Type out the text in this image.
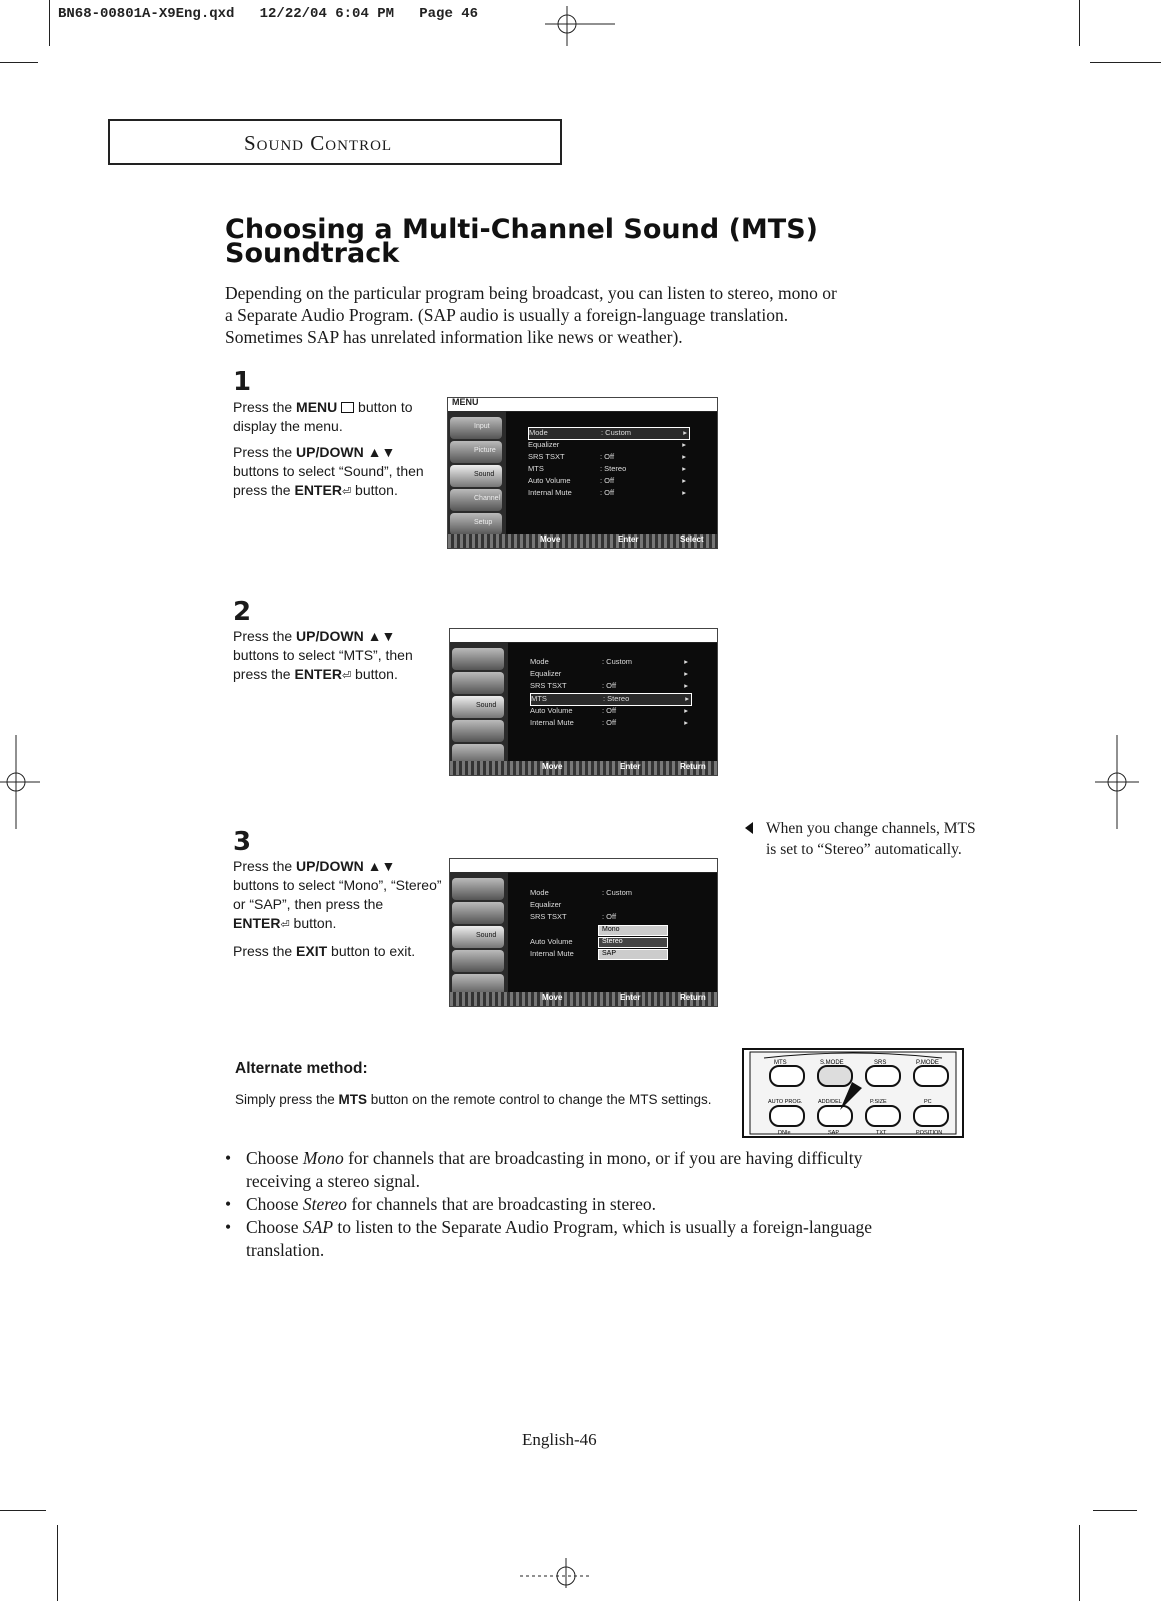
BN68-00801A-X9Eng.qxd   12/22/04 6:04 PM   Page 46
Sound Control
Choosing a Multi-Channel Sound (MTS)
Soundtrack

Depending on the particular program being broadcast, you can listen to stereo, mono or

a Separate Audio Program. (SAP audio is usually a foreign-language translation.

Sometimes SAP has unrelated information like news or weather).

1

Press the MENU  button to display the menu.

Press the UP/DOWN ▲▼ buttons to select “Sound”, then press the ENTER⏎ button.

MENU
Input
Picture
Sound
Channel
Setup
Mode	: Custom	▸
Equalizer	▸
SRS TSXT	: Off	▸
MTS	: Stereo	▸
Auto Volume	: Off	▸
Internal Mute	: Off	▸
Move	Enter	Select
2

Press the UP/DOWN ▲▼ buttons to select “MTS”, then press the ENTER⏎ button.

Sound
Mode	: Custom	▸
Equalizer	▸
SRS TSXT	: Off	▸
MTS	: Stereo	▸
Auto Volume	: Off	▸
Internal Mute	: Off	▸
Move	Enter	Return
3

Press the UP/DOWN ▲▼ buttons to select “Mono”, “Stereo” or “SAP”, then press the ENTER⏎ button.

Press the EXIT button to exit.

Sound
Mode	: Custom
Equalizer
SRS TSXT	: Off
Auto Volume
Internal Mute
Mono
Stereo
SAP
Move	Enter	Return
When you change channels, MTS is set to “Stereo” automatically.
Alternate method:
Simply press the MTS button on the remote control to change the MTS settings.
MTS	S.MODE	SRS	P.MODE
AUTO PROG.	ADD/DEL	P.SIZE	PC
DNIe	SAP	TXT	POSITION
• Choose Mono for channels that are broadcasting in mono, or if you are having difficulty receiving a stereo signal.
• Choose Stereo for channels that are broadcasting in stereo.
• Choose SAP to listen to the Separate Audio Program, which is usually a foreign-language translation.
English-46
